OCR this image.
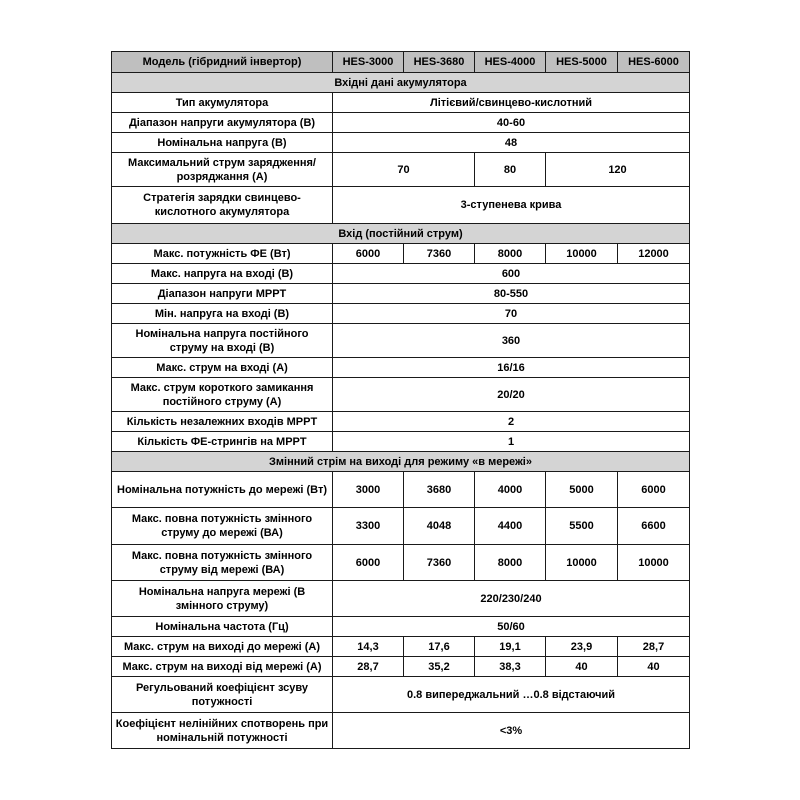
Модель (гібридний інвертор)	HES-3000	HES-3680	HES-4000	HES-5000	HES-6000
Вхідні дані акумулятора					
Тип акумулятора	Літієвий/свинцево-кислотний				
Діапазон напруги акумулятора (В)	40-60				
Номінальна напруга (В)	48				
Максимальний струм зарядження/розряджання (А)	70		80	120	
Стратегія зарядки свинцево-кислотного акумулятора	3-ступенева крива				
Вхід (постійний струм)					
Макс. потужність ФЕ (Вт)	6000	7360	8000	10000	12000
Макс. напруга на вході (В)	600				
Діапазон напруги MPPT	80-550				
Мін. напруга на вході (В)	70				
Номінальна напруга постійного струму на вході (В)	360				
Макс. струм на вході (А)	16/16				
Макс. струм короткого замикання постійного струму (А)	20/20				
Кількість незалежних входів MPPT	2				
Кількість ФЕ-стрингів на MPPT	1				
Змінний стрім на виході для режиму «в мережі»					
Номінальна потужність до мережі (Вт)	3000	3680	4000	5000	6000
Макс. повна потужність змінного струму до мережі (ВА)	3300	4048	4400	5500	6600
Макс. повна потужність змінного струму від мережі (ВА)	6000	7360	8000	10000	10000
Номінальна напруга мережі (В змінного струму)	220/230/240				
Номінальна частота (Гц)	50/60				
Макс. струм на виході до мережі (А)	14,3	17,6	19,1	23,9	28,7
Макс. струм на виході від мережі (А)	28,7	35,2	38,3	40	40
Регульований коефіцієнт зсуву потужності	0.8 випереджальний …0.8 відстаючий				
Коефіцієнт нелінійних спотворень при номінальній потужності	<3%				
